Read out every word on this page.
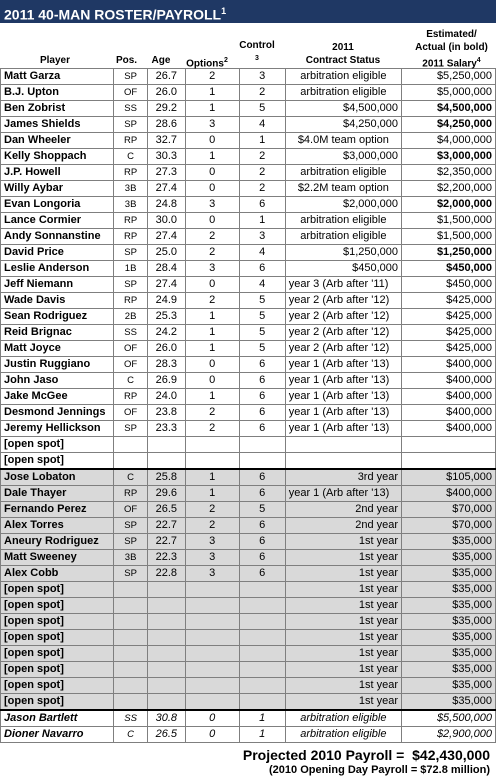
2011 40-MAN ROSTER/PAYROLL$^1$
Player	Pos.	Age	Options$^2$
Control
$^3$
2011
Contract Status
Estimated/
Actual (in bold)
2011 Salary$^4$
Matt Garza	SP	26.7	2	3	arbitration eligible	$5,250,000
B.J. Upton	OF	26.0	1	2	arbitration eligible	$5,000,000
Ben Zobrist	SS	29.2	1	5	$4,500,000	$4,500,000
James Shields	SP	28.6	3	4	$4,250,000	$4,250,000
Dan Wheeler	RP	32.7	0	1	$4.0M team option	$4,000,000
Kelly Shoppach	C	30.3	1	2	$3,000,000	$3,000,000
J.P. Howell	RP	27.3	0	2	arbitration eligible	$2,350,000
Willy Aybar	3B	27.4	0	2	$2.2M team option	$2,200,000
Evan Longoria	3B	24.8	3	6	$2,000,000	$2,000,000
Lance Cormier	RP	30.0	0	1	arbitration eligible	$1,500,000
Andy Sonnanstine	RP	27.4	2	3	arbitration eligible	$1,500,000
David Price	SP	25.0	2	4	$1,250,000	$1,250,000
Leslie Anderson	1B	28.4	3	6	$450,000	$450,000
Jeff Niemann	SP	27.4	0	4	year 3 (Arb after '11)	$450,000
Wade Davis	RP	24.9	2	5	year 2 (Arb after '12)	$425,000
Sean Rodriguez	2B	25.3	1	5	year 2 (Arb after '12)	$425,000
Reid Brignac	SS	24.2	1	5	year 2 (Arb after '12)	$425,000
Matt Joyce	OF	26.0	1	5	year 2 (Arb after '12)	$425,000
Justin Ruggiano	OF	28.3	0	6	year 1 (Arb after '13)	$400,000
John Jaso	C	26.9	0	6	year 1 (Arb after '13)	$400,000
Jake McGee	RP	24.0	1	6	year 1 (Arb after '13)	$400,000
Desmond Jennings	OF	23.8	2	6	year 1 (Arb after '13)	$400,000
Jeremy Hellickson	SP	23.3	2	6	year 1 (Arb after '13)	$400,000
[open spot]						
[open spot]						
Jose Lobaton	C	25.8	1	6	3rd year	$105,000
Dale Thayer	RP	29.6	1	6	year 1 (Arb after '13)	$400,000
Fernando Perez	OF	26.5	2	5	2nd year	$70,000
Alex Torres	SP	22.7	2	6	2nd year	$70,000
Aneury Rodriguez	SP	22.7	3	6	1st year	$35,000
Matt Sweeney	3B	22.3	3	6	1st year	$35,000
Alex Cobb	SP	22.8	3	6	1st year	$35,000
[open spot]					1st year	$35,000
[open spot]					1st year	$35,000
[open spot]					1st year	$35,000
[open spot]					1st year	$35,000
[open spot]					1st year	$35,000
[open spot]					1st year	$35,000
[open spot]					1st year	$35,000
[open spot]					1st year	$35,000
Jason Bartlett	SS	30.8	0	1	arbitration eligible	$5,500,000
Dioner Navarro	C	26.5	0	1	arbitration eligible	$2,900,000
Projected 2010 Payroll = $42,430,000
(2010 Opening Day Payroll = $72.8 million)
